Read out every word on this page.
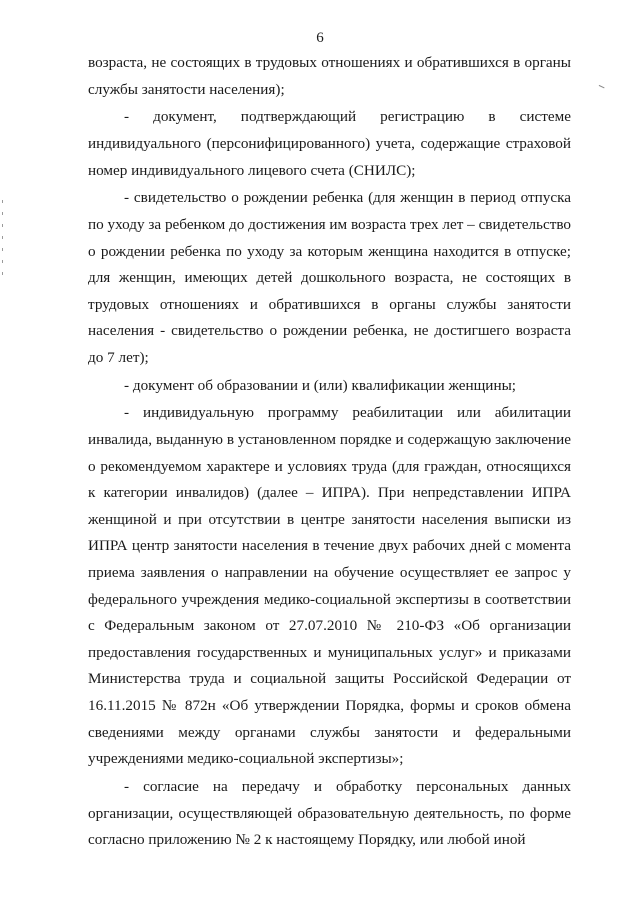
6

возраста, не состоящих в трудовых отношениях и обратившихся в органы службы занятости населения);

- документ, подтверждающий регистрацию в системе индивидуального (персонифицированного) учета, содержащие страховой номер индивидуального лицевого счета (СНИЛС);

- свидетельство о рождении ребенка (для женщин в период отпуска по уходу за ребенком до достижения им возраста трех лет – свидетельство о рождении ребенка по уходу за которым женщина находится в отпуске; для женщин, имеющих детей дошкольного возраста, не состоящих в трудовых отношениях и обратившихся в органы службы занятости населения - свидетельство о рождении ребенка, не достигшего возраста до 7 лет);

- документ об образовании и (или) квалификации женщины;

- индивидуальную программу реабилитации или абилитации инвалида, выданную в установленном порядке и содержащую заключение о рекомендуемом характере и условиях труда (для граждан, относящихся к категории инвалидов) (далее – ИПРА). При непредставлении ИПРА женщиной и при отсутствии в центре занятости населения выписки из ИПРА центр занятости населения в течение двух рабочих дней с момента приема заявления о направлении на обучение осуществляет ее запрос у федерального учреждения медико-социальной экспертизы в соответствии с Федеральным законом от 27.07.2010 № 210-ФЗ «Об организации предоставления государственных и муниципальных услуг» и приказами Министерства труда и социальной защиты Российской Федерации от 16.11.2015 № 872н «Об утверждении Порядка, формы и сроков обмена сведениями между органами службы занятости и федеральными учреждениями медико-социальной экспертизы»;

- согласие на передачу и обработку персональных данных организации, осуществляющей образовательную деятельность, по форме согласно приложению № 2 к настоящему Порядку, или любой иной
